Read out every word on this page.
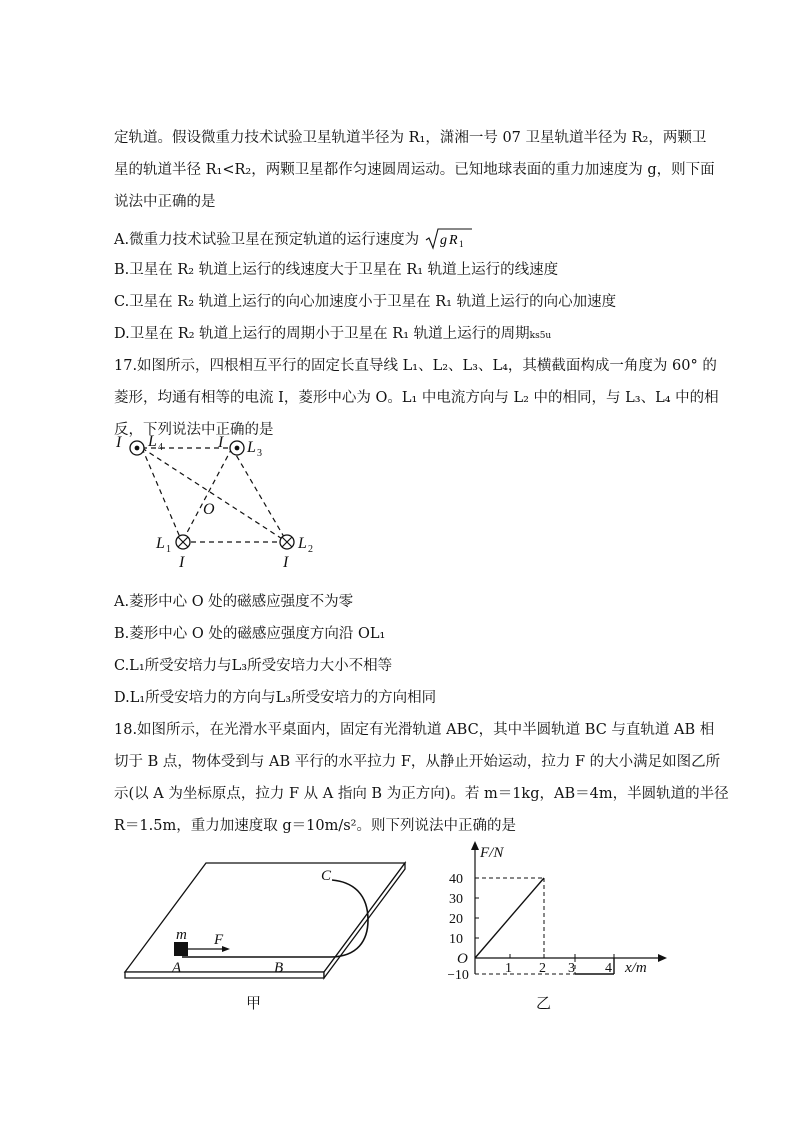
定轨道。假设微重力技术试验卫星轨道半径为 R₁，潇湘一号 07 卫星轨道半径为 R₂，两颗卫
星的轨道半径 R₁<R₂，两颗卫星都作匀速圆周运动。已知地球表面的重力加速度为 g，则下面
说法中正确的是
A.微重力技术试验卫星在预定轨道的运行速度为 g R 1
B.卫星在 R₂ 轨道上运行的线速度大于卫星在 R₁ 轨道上运行的线速度
C.卫星在 R₂ 轨道上运行的向心加速度小于卫星在 R₁ 轨道上运行的向心加速度
D.卫星在 R₂ 轨道上运行的周期小于卫星在 R₁ 轨道上运行的周期ks5u
17.如图所示，四根相互平行的固定长直导线 L₁、L₂、L₃、L₄，其横截面构成一角度为 60° 的
菱形，均通有相等的电流 I，菱形中心为 O。L₁ 中电流方向与 L₂ 中的相同，与 L₃、L₄ 中的相
反，下列说法中正确的是
I L	I L
O
L
I
L
I
4
3
1	2
A.菱形中心 O 处的磁感应强度不为零
B.菱形中心 O 处的磁感应强度方向沿 OL₁
C.L₁所受安培力与L₃所受安培力大小不相等
D.L₁所受安培力的方向与L₃所受安培力的方向相同
18.如图所示，在光滑水平桌面内，固定有光滑轨道 ABC，其中半圆轨道 BC 与直轨道 AB 相
切于 B 点，物体受到与 AB 平行的水平拉力 F，从静止开始运动，拉力 F 的大小满足如图乙所
示(以 A 为坐标原点，拉力 F 从 A 指向 B 为正方向)。若 m＝1kg，AB＝4m，半圆轨道的半径
R＝1.5m，重力加速度取 g＝10m/s²。则下列说法中正确的是
m F
A	B
C
甲
40
30
20
10
−10	1 2 3 4
O
F/N
x/m
乙
